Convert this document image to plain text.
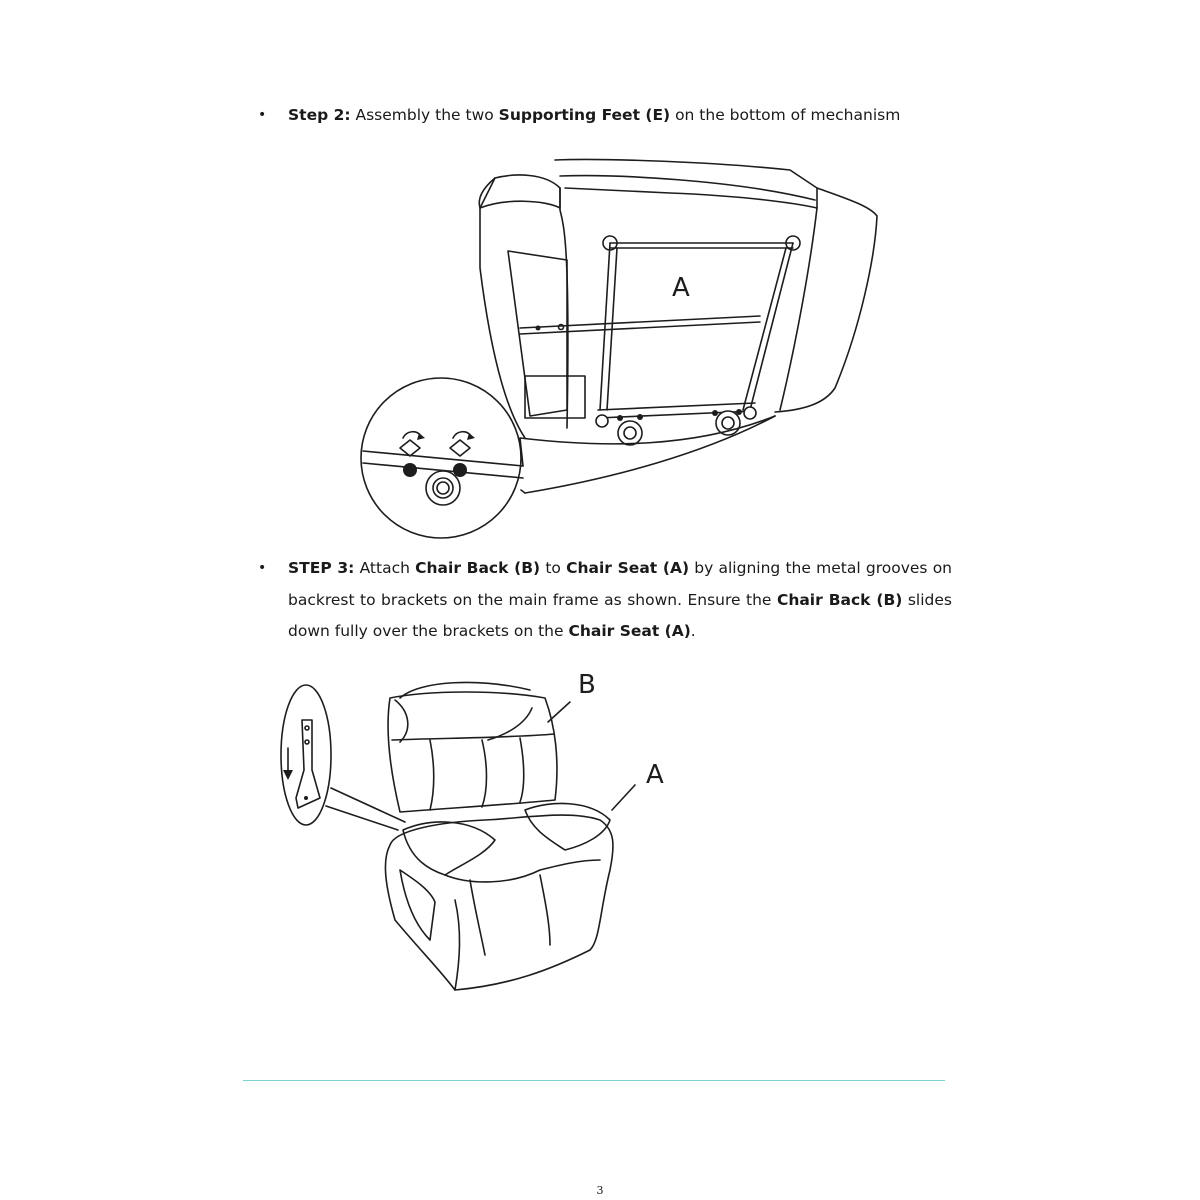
• Step 2: Assembly the two Supporting Feet (E) on the bottom of mechanism
A
• STEP 3: Attach Chair Back (B) to Chair Seat (A) by aligning the metal grooves on backrest to brackets on the main frame as shown. Ensure the Chair Back (B) slides down fully over the brackets on the Chair Seat (A).
B
A
3
